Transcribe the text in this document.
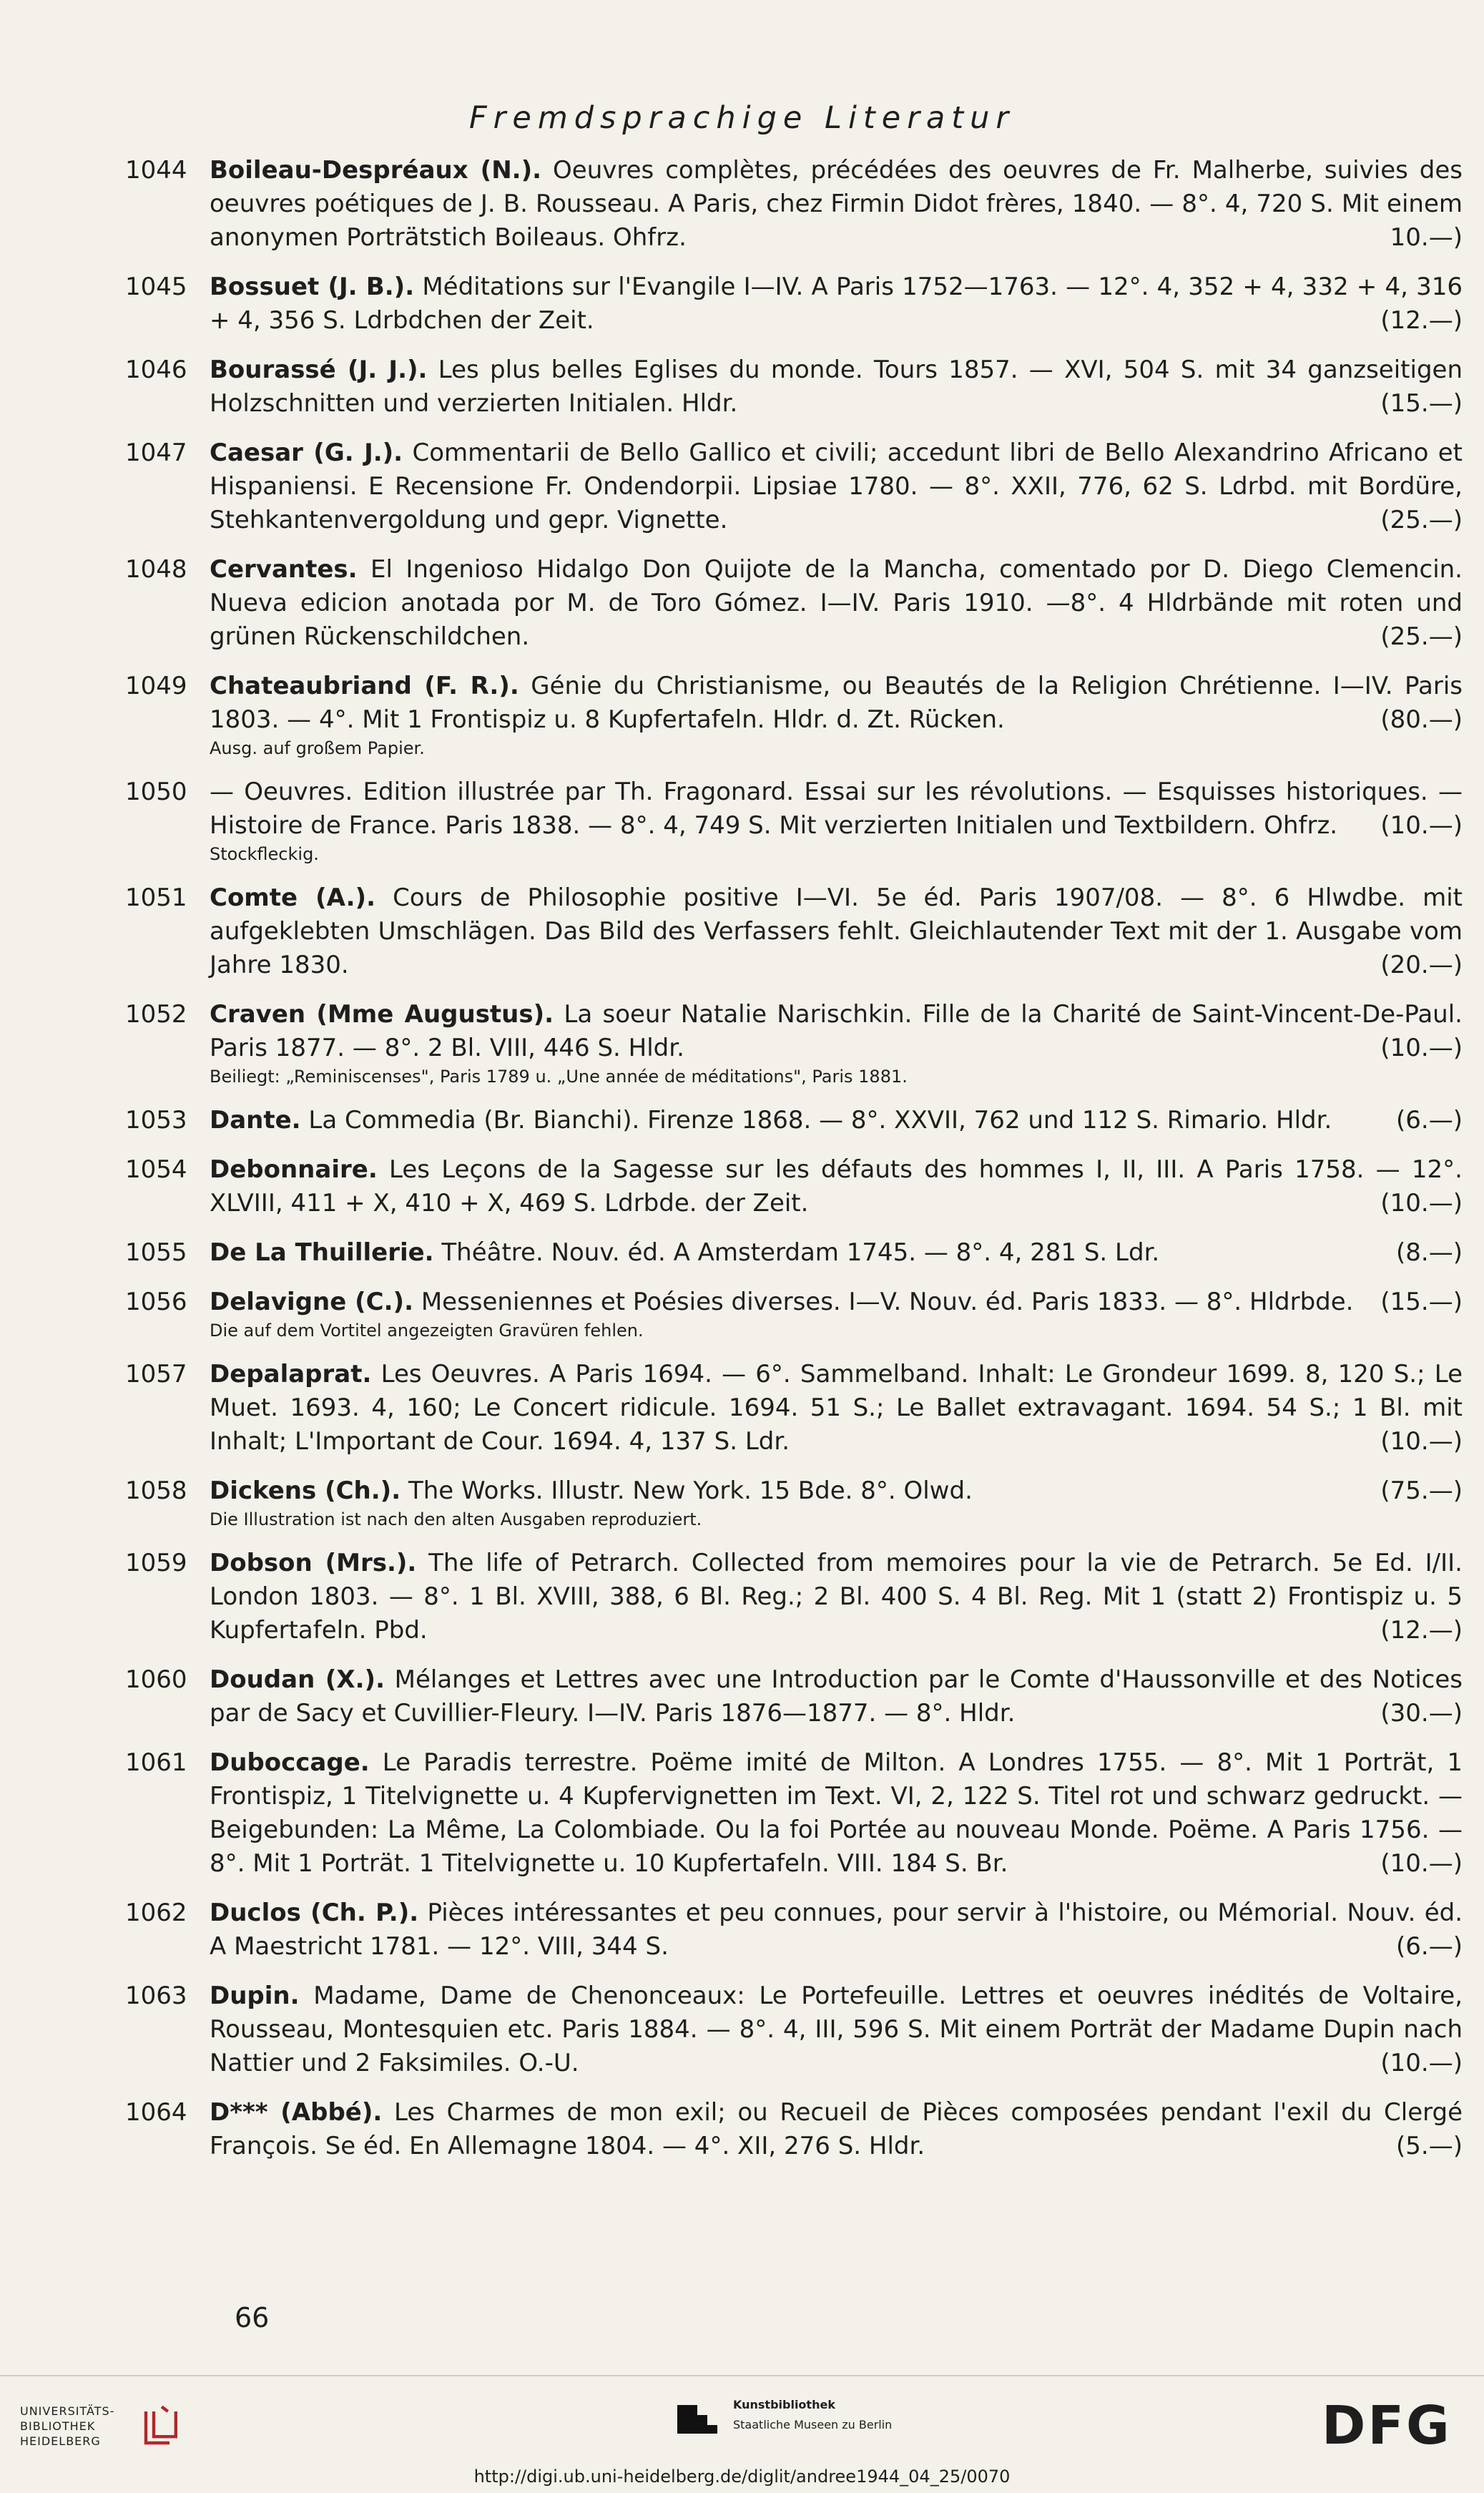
Fremdsprachige Literatur
1044 Boileau-Despréaux (N.). Oeuvres complètes, précédées des oeuvres de Fr. Malherbe, suivies des oeuvres poétiques de J. B. Rousseau. A Paris, chez Firmin Didot frères, 1840. — 8°. 4, 720 S. Mit einem anonymen Porträtstich Boileaus. Ohfrz.	10.—)
1045 Bossuet (J. B.). Méditations sur l'Evangile I—IV. A Paris 1752—1763. — 12°. 4, 352 + 4, 332 + 4, 316 + 4, 356 S. Ldrbdchen der Zeit.	(12.—)
1046 Bourassé (J. J.). Les plus belles Eglises du monde. Tours 1857. — XVI, 504 S. mit 34 ganzseitigen Holzschnitten und verzierten Initialen. Hldr.	(15.—)
1047 Caesar (G. J.). Commentarii de Bello Gallico et civili; accedunt libri de Bello Alexandrino Africano et Hispaniensi. E Recensione Fr. Ondendorpii. Lipsiae 1780. — 8°. XXII, 776, 62 S. Ldrbd. mit Bordüre, Stehkantenvergoldung und gepr. Vignette.	(25.—)
1048 Cervantes. El Ingenioso Hidalgo Don Quijote de la Mancha, comentado por D. Diego Clemencin. Nueva edicion anotada por M. de Toro Gómez. I—IV. Paris 1910. —8°. 4 Hldrbände mit roten und grünen Rückenschildchen.	(25.—)
1049 Chateaubriand (F. R.). Génie du Christianisme, ou Beautés de la Religion Chrétienne. I—IV. Paris 1803. — 4°. Mit 1 Frontispiz u. 8 Kupfertafeln. Hldr. d. Zt. Rücken.	(80.—)
Ausg. auf großem Papier.
1050 — Oeuvres. Edition illustrée par Th. Fragonard. Essai sur les révolutions. — Esquisses historiques. — Histoire de France. Paris 1838. — 8°. 4, 749 S. Mit verzierten Initialen und Textbildern. Ohfrz. (10.—)
Stockfleckig.
1051 Comte (A.). Cours de Philosophie positive I—VI. 5e éd. Paris 1907/08. — 8°. 6 Hlwdbe. mit aufgeklebten Umschlägen. Das Bild des Verfassers fehlt. Gleichlautender Text mit der 1. Ausgabe vom Jahre 1830.	(20.—)
1052 Craven (Mme Augustus). La soeur Natalie Narischkin. Fille de la Charité de Saint-Vincent-De-Paul. Paris 1877. — 8°. 2 Bl. VIII, 446 S. Hldr.	(10.—)
Beiliegt: „Reminiscenses", Paris 1789 u. „Une année de méditations", Paris 1881.
1053 Dante. La Commedia (Br. Bianchi). Firenze 1868. — 8°. XXVII, 762 und 112 S. Rimario. Hldr.	(6.—)
1054 Debonnaire. Les Leçons de la Sagesse sur les défauts des hommes I, II, III. A Paris 1758. — 12°. XLVIII, 411 + X, 410 + X, 469 S. Ldrbde. der Zeit.	(10.—)
1055 De La Thuillerie. Théâtre. Nouv. éd. A Amsterdam 1745. — 8°. 4, 281 S. Ldr.	(8.—)
1056 Delavigne (C.). Messeniennes et Poésies diverses. I—V. Nouv. éd. Paris 1833. — 8°. Hldrbde. (15.—)
Die auf dem Vortitel angezeigten Gravüren fehlen.
1057 Depalaprat. Les Oeuvres. A Paris 1694. — 6°. Sammelband. Inhalt: Le Grondeur 1699. 8, 120 S.; Le Muet. 1693. 4, 160; Le Concert ridicule. 1694. 51 S.; Le Ballet extravagant. 1694. 54 S.; 1 Bl. mit Inhalt; L'Important de Cour. 1694. 4, 137 S. Ldr.	(10.—)
1058 Dickens (Ch.). The Works. Illustr. New York. 15 Bde. 8°. Olwd.	(75.—)
Die Illustration ist nach den alten Ausgaben reproduziert.
1059 Dobson (Mrs.). The life of Petrarch. Collected from memoires pour la vie de Petrarch. 5e Ed. I/II. London 1803. — 8°. 1 Bl. XVIII, 388, 6 Bl. Reg.; 2 Bl. 400 S. 4 Bl. Reg. Mit 1 (statt 2) Frontispiz u. 5 Kupfertafeln. Pbd.	(12.—)
1060 Doudan (X.). Mélanges et Lettres avec une Introduction par le Comte d'Haussonville et des Notices par de Sacy et Cuvillier-Fleury. I—IV. Paris 1876—1877. — 8°. Hldr.	(30.—)
1061 Duboccage. Le Paradis terrestre. Poëme imité de Milton. A Londres 1755. — 8°. Mit 1 Porträt, 1 Frontispiz, 1 Titelvignette u. 4 Kupfervignetten im Text. VI, 2, 122 S. Titel rot und schwarz gedruckt. — Beigebunden: La Même, La Colombiade. Ou la foi Portée au nouveau Monde. Poëme. A Paris 1756. — 8°. Mit 1 Porträt. 1 Titelvignette u. 10 Kupfertafeln. VIII. 184 S. Br.	(10.—)
1062 Duclos (Ch. P.). Pièces intéressantes et peu connues, pour servir à l'histoire, ou Mémorial. Nouv. éd. A Maestricht 1781. — 12°. VIII, 344 S.	(6.—)
1063 Dupin. Madame, Dame de Chenonceaux: Le Portefeuille. Lettres et oeuvres inédités de Voltaire, Rousseau, Montesquien etc. Paris 1884. — 8°. 4, III, 596 S. Mit einem Porträt der Madame Dupin nach Nattier und 2 Faksimiles. O.-U.	(10.—)
1064 D*** (Abbé). Les Charmes de mon exil; ou Recueil de Pièces composées pendant l'exil du Clergé François. Se éd. En Allemagne 1804. — 4°. XII, 276 S. Hldr.	(5.—)
66
UNIVERSITÄTS-
BIBLIOTHEK
HEIDELBERG
Kunstbibliothek
Staatliche Museen zu Berlin	DFG
http://digi.ub.uni-heidelberg.de/diglit/andree1944_04_25/0070
